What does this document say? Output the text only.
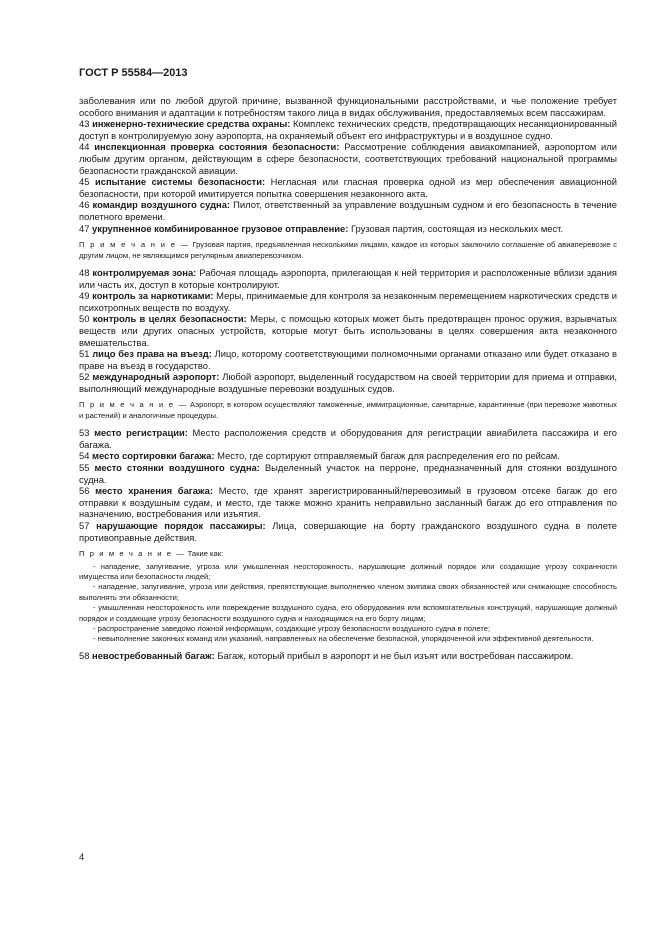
ГОСТ Р 55584—2013

заболевания или по любой другой причине, вызванной функциональными расстройствами, и чье положение требует особого внимания и адаптации к потребностям такого лица в видах обслуживания, предоставляемых всем пассажирам.

43 инженерно-технические средства охраны: Комплекс технических средств, предотвращающих несанкционированный доступ в контролируемую зону аэропорта, на охраняемый объект его инфраструктуры и в воздушное судно.

44 инспекционная проверка состояния безопасности: Рассмотрение соблюдения авиакомпанией, аэропортом или любым другим органом, действующим в сфере безопасности, соответствующих требований национальной программы безопасности гражданской авиации.

45 испытание системы безопасности: Негласная или гласная проверка одной из мер обеспечения авиационной безопасности, при которой имитируется попытка совершения незаконного акта.

46 командир воздушного судна: Пилот, ответственный за управление воздушным судном и его безопасность в течение полетного времени.

47 укрупненное комбинированное грузовое отправление: Грузовая партия, состоящая из нескольких мест.

П р и м е ч а н и е — Грузовая партия, предъявленная несколькими лицами, каждое из которых заключило соглашение об авиаперевозке с другим лицом, не являющимся регулярным авиаперевозчиком.

48 контролируемая зона: Рабочая площадь аэропорта, прилегающая к ней территория и расположенные вблизи здания или часть их, доступ в которые контролируют.

49 контроль за наркотиками: Меры, принимаемые для контроля за незаконным перемещением наркотических средств и психотропных веществ по воздуху.

50 контроль в целях безопасности: Меры, с помощью которых может быть предотвращен пронос оружия, взрывчатых веществ или других опасных устройств, которые могут быть использованы в целях совершения акта незаконного вмешательства.

51 лицо без права на въезд: Лицо, которому соответствующими полномочными органами отказано или будет отказано в праве на въезд в государство.

52 международный аэропорт: Любой аэропорт, выделенный государством на своей территории для приема и отправки, выполняющий международные воздушные перевозки воздушных судов.

П р и м е ч а н и е — Аэропорт, в котором осуществляют таможенные, иммиграционные, санитарные, карантинные (при перевозке животных и растений) и аналогичные процедуры.

53 место регистрации: Место расположения средств и оборудования для регистрации авиабилета пассажира и его багажа.

54 место сортировки багажа: Место, где сортируют отправляемый багаж для распределения его по рейсам.

55 место стоянки воздушного судна: Выделенный участок на перроне, предназначенный для стоянки воздушного судна.

56 место хранения багажа: Место, где хранят зарегистрированный/перевозимый в грузовом отсеке багаж до его отправки к воздушным судам, и место, где также можно хранить неправильно засланный багаж до его отправления по назначению, востребования или изъятия.

57 нарушающие порядок пассажиры: Лица, совершающие на борту гражданского воздушного судна в полете противоправные действия.

П р и м е ч а н и е — Такие как:

- нападение, запугивание, угроза или умышленная неосторожность, нарушающие должный порядок или создающие угрозу сохранности имущества или безопасности людей;

- нападение, запугивание, угроза или действия, препятствующие выполнению членом экипажа своих обязанностей или снижающие способность выполнять эти обязанности;

- умышленная неосторожность или повреждение воздушного судна, его оборудования или вспомогательных конструкций, нарушающие должный порядок и создающие угрозу безопасности воздушного судна и находящимся на его борту лицам;

- распространение заведомо ложной информации, создающие угрозу безопасности воздушного судна в полете;

- невыполнение законных команд или указаний, направленных на обеспечение безопасной, упорядоченной или эффективной деятельности.

58 невостребованный багаж: Багаж, который прибыл в аэропорт и не был изъят или востребован пассажиром.

4
